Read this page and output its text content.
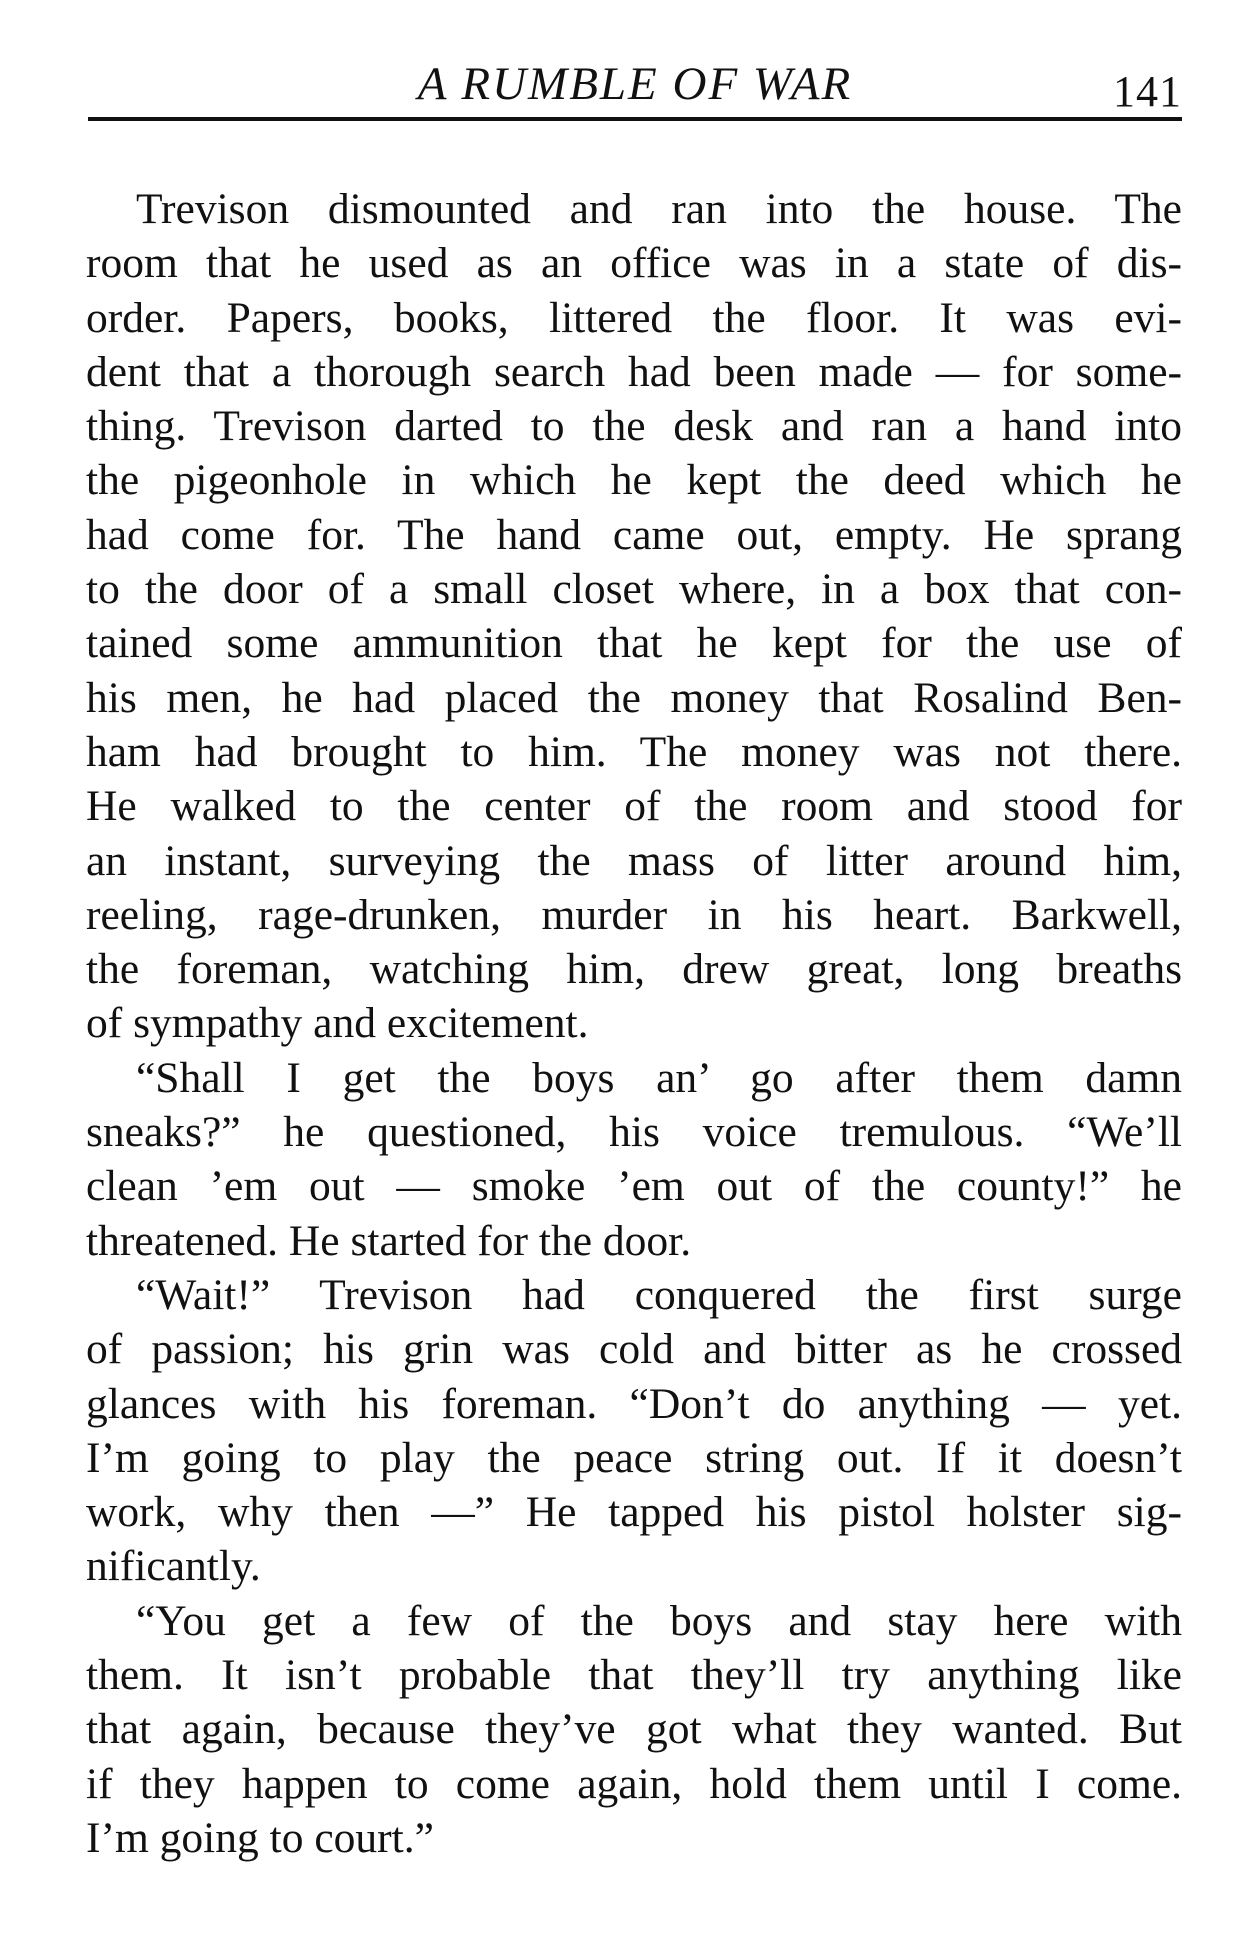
A RUMBLE OF WAR	141
Trevison dismounted and ran into the house. The
room that he used as an office was in a state of dis-
order. Papers, books, littered the floor. It was evi-
dent that a thorough search had been made — for some-
thing. Trevison darted to the desk and ran a hand into
the pigeonhole in which he kept the deed which he
had come for. The hand came out, empty. He sprang
to the door of a small closet where, in a box that con-
tained some ammunition that he kept for the use of
his men, he had placed the money that Rosalind Ben-
ham had brought to him. The money was not there.
He walked to the center of the room and stood for
an instant, surveying the mass of litter around him,
reeling, rage-drunken, murder in his heart. Barkwell,
the foreman, watching him, drew great, long breaths
of sympathy and excitement.
“Shall I get the boys an’ go after them damn
sneaks?” he questioned, his voice tremulous. “We’ll
clean ’em out — smoke ’em out of the county!” he
threatened. He started for the door.
“Wait!” Trevison had conquered the first surge
of passion; his grin was cold and bitter as he crossed
glances with his foreman. “Don’t do anything — yet.
I’m going to play the peace string out. If it doesn’t
work, why then —” He tapped his pistol holster sig-
nificantly.
“You get a few of the boys and stay here with
them. It isn’t probable that they’ll try anything like
that again, because they’ve got what they wanted. But
if they happen to come again, hold them until I come.
I’m going to court.”
